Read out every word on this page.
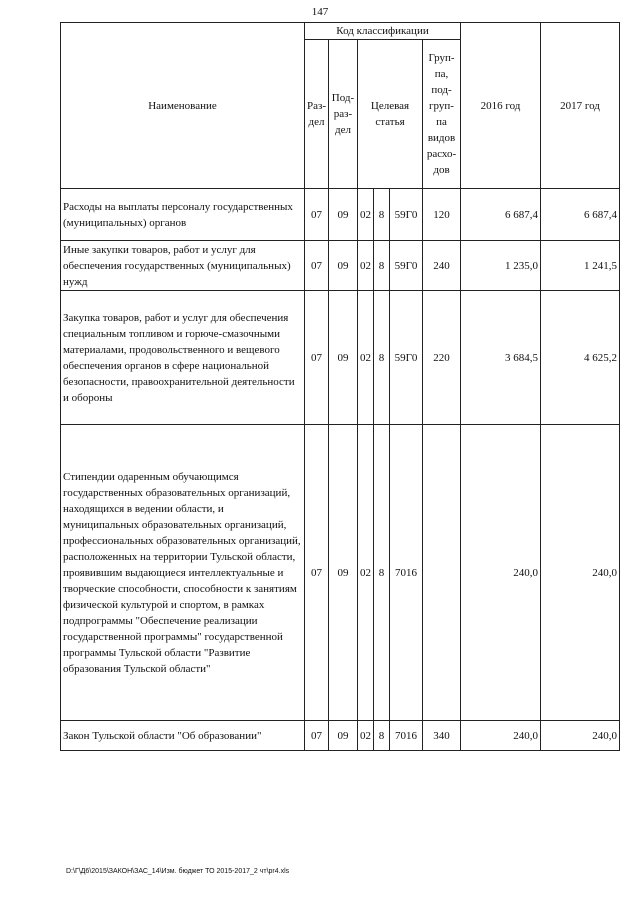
147
Наименование	Код классификации						2016 год	2017 год
	Раз-дел	Под-раз-дел	Целевая статья			Груп-па, под-груп-па видов расхо-дов		
Расходы на выплаты персоналу государственных (муниципальных) органов	07	09	02	8	59Г0	120	6 687,4	6 687,4
Иные закупки товаров, работ и услуг для обеспечения государственных (муниципальных) нужд	07	09	02	8	59Г0	240	1 235,0	1 241,5
Закупка товаров, работ и услуг для обеспечения специальным топливом и горюче-смазочными материалами, продовольственного и вещевого обеспечения органов в сфере национальной безопасности, правоохранительной деятельности и обороны	07	09	02	8	59Г0	220	3 684,5	4 625,2
Стипендии одаренным обучающимся государственных образовательных организаций, находящихся в ведении области, и муниципальных образовательных организаций, профессиональных образовательных организаций, расположенных на территории Тульской области, проявившим выдающиеся интеллектуальные и творческие способности, способности к занятиям физической культурой и спортом, в рамках подпрограммы "Обеспечение реализации государственной программы" государственной программы Тульской области "Развитие образования Тульской области"	07	09	02	8	7016		240,0	240,0
Закон Тульской области "Об образовании"	07	09	02	8	7016	340	240,0	240,0
D:\Г\Д6\2015\ЗАКОН\ЗАС_14\Изм. бюджет ТО 2015-2017_2 чт\pr4.xls
